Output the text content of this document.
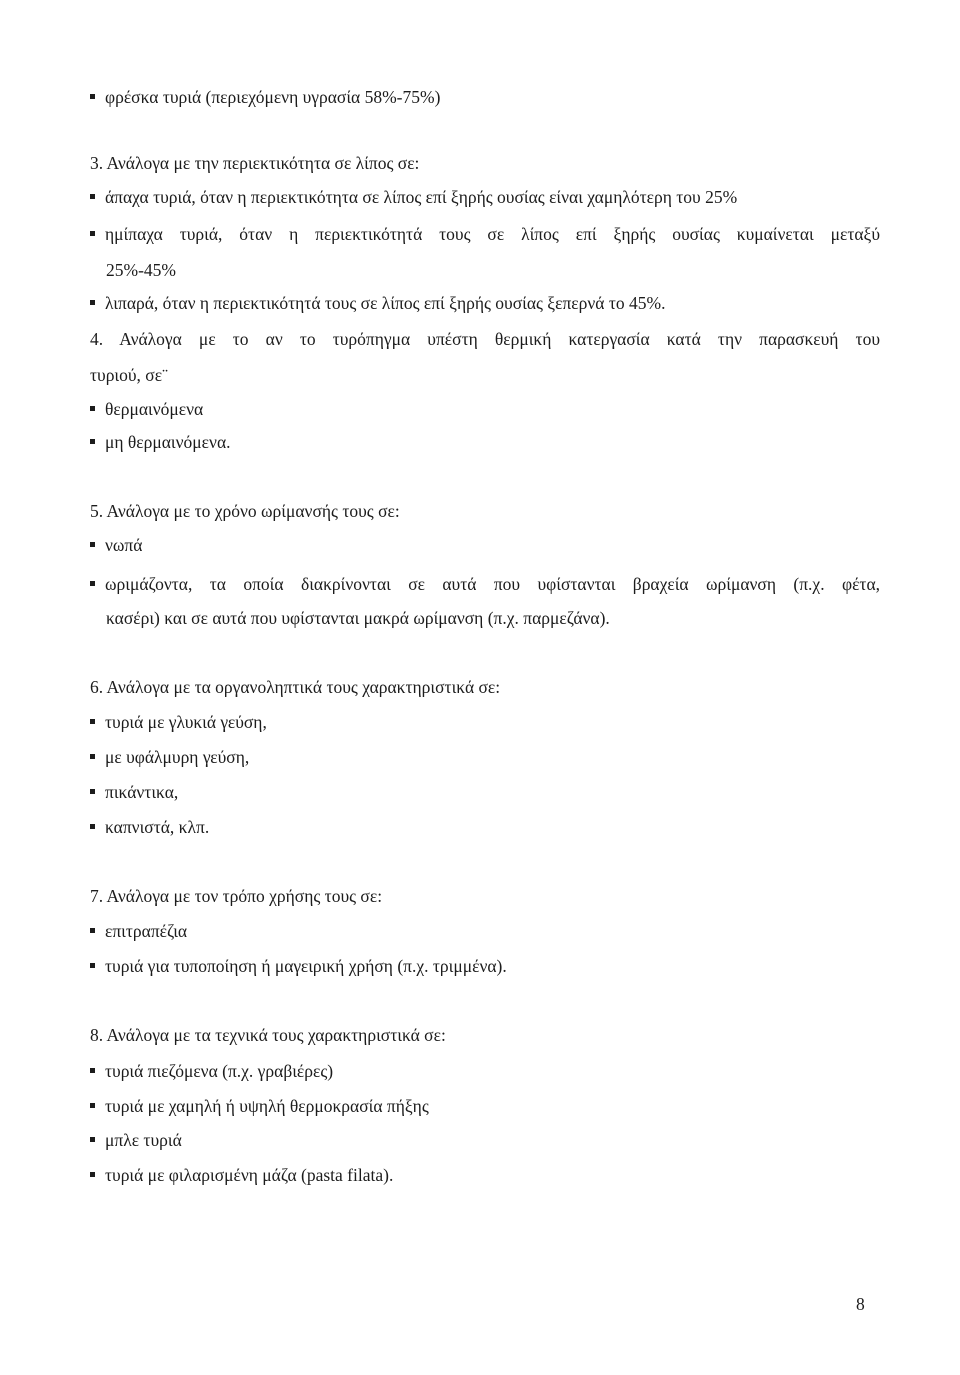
φρέσκα τυριά (περιεχόμενη υγρασία 58%-75%)
3. Ανάλογα με την περιεκτικότητα σε λίπος σε:
άπαχα τυριά, όταν η περιεκτικότητα σε λίπος επί ξηρής ουσίας είναι χαμηλότερη του 25%
ημίπαχα τυριά, όταν η περιεκτικότητά τους σε λίπος επί ξηρής ουσίας κυμαίνεται μεταξύ
25%-45%
λιπαρά, όταν η περιεκτικότητά τους σε λίπος επί ξηρής ουσίας ξεπερνά το 45%.
4. Ανάλογα με το αν το τυρόπηγμα υπέστη θερμική κατεργασία κατά την παρασκευή του
τυριού, σε¨
θερμαινόμενα
μη θερμαινόμενα.
5. Ανάλογα με το χρόνο ωρίμανσής τους σε:
νωπά
ωριμάζοντα, τα οποία διακρίνονται σε αυτά που υφίστανται βραχεία ωρίμανση (π.χ. φέτα,
κασέρι) και σε αυτά που υφίστανται μακρά ωρίμανση (π.χ. παρμεζάνα).
6. Ανάλογα με τα οργανοληπτικά τους χαρακτηριστικά σε:
τυριά με γλυκιά γεύση,
με υφάλμυρη γεύση,
πικάντικα,
καπνιστά, κλπ.
7. Ανάλογα με τον τρόπο χρήσης τους σε:
επιτραπέζια
τυριά για τυποποίηση ή μαγειρική χρήση (π.χ. τριμμένα).
8. Ανάλογα με τα τεχνικά τους χαρακτηριστικά σε:
τυριά πιεζόμενα (π.χ. γραβιέρες)
τυριά με χαμηλή ή υψηλή θερμοκρασία πήξης
μπλε τυριά
τυριά με φιλαρισμένη μάζα (pasta filata).
8
